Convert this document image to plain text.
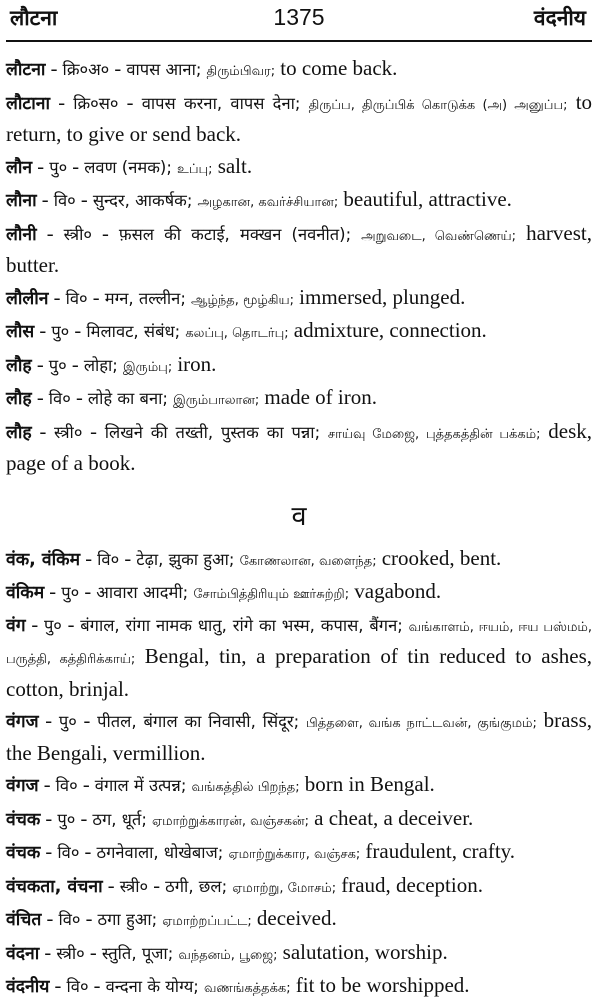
लौटना	1375	वंदनीय

लौटना - क्रि०अ० - वापस आना; திரும்பிவர; to come back.

लौटाना - क्रि०स० - वापस करना, वापस देना; திருப்ப, திருப்பிக் கொடுக்க (அ) அனுப்ப; to return, to give or send back.

लौन - पु० - लवण (नमक); உப்பு; salt.

लौना - वि० - सुन्दर, आकर्षक; அழகான, கவர்ச்சியான; beautiful, attractive.

लौनी - स्त्री० - फ़सल की कटाई, मक्खन (नवनीत); அறுவடை, வெண்ணெய்; harvest, butter.

लौलीन - वि० - मग्न, तल्लीन; ஆழ்ந்த, மூழ்கிய; immersed, plunged.

लौस - पु० - मिलावट, संबंध; கலப்பு, தொடர்பு; admixture, connection.

लौह - पु० - लोहा; இரும்பு; iron.

लौह - वि० - लोहे का बना; இரும்பாலான; made of iron.

लौह - स्त्री० - लिखने की तख्ती, पुस्तक का पन्ना; சாய்வு மேஜை, புத்தகத்தின் பக்கம்; desk, page of a book.

व

वंक, वंकिम - वि० - टेढ़ा, झुका हुआ; கோணலான, வளைந்த; crooked, bent.

वंकिम - पु० - आवारा आदमी; சோம்பித்திரியும் ஊர்சுற்றி; vagabond.

वंग - पु० - बंगाल, रांगा नामक धातु, रांगे का भस्म, कपास, बैंगन; வங்காளம், ஈயம், ஈய பஸ்மம், பருத்தி, கத்திரிக்காய்; Bengal, tin, a preparation of tin reduced to ashes, cotton, brinjal.

वंगज - पु० - पीतल, बंगाल का निवासी, सिंदूर; பித்தளை, வங்க நாட்டவன், குங்குமம்; brass, the Bengali, vermillion.

वंगज - वि० - वंगाल में उत्पन्न; வங்கத்தில் பிறந்த; born in Bengal.

वंचक - पु० - ठग, धूर्त; ஏமாற்றுக்காரன், வஞ்சகன்; a cheat, a deceiver.

वंचक - वि० - ठगनेवाला, धोखेबाज; ஏமாற்றுக்கார, வஞ்சக; fraudulent, crafty.

वंचकता, वंचना - स्त्री० - ठगी, छल; ஏமாற்று, மோசம்; fraud, deception.

वंचित - वि० - ठगा हुआ; ஏமாற்றப்பட்ட; deceived.

वंदना - स्त्री० - स्तुति, पूजा; வந்தனம், பூஜை; salutation, worship.

वंदनीय - वि० - वन्दना के योग्य; வணங்கத்தக்க; fit to be worshipped.
